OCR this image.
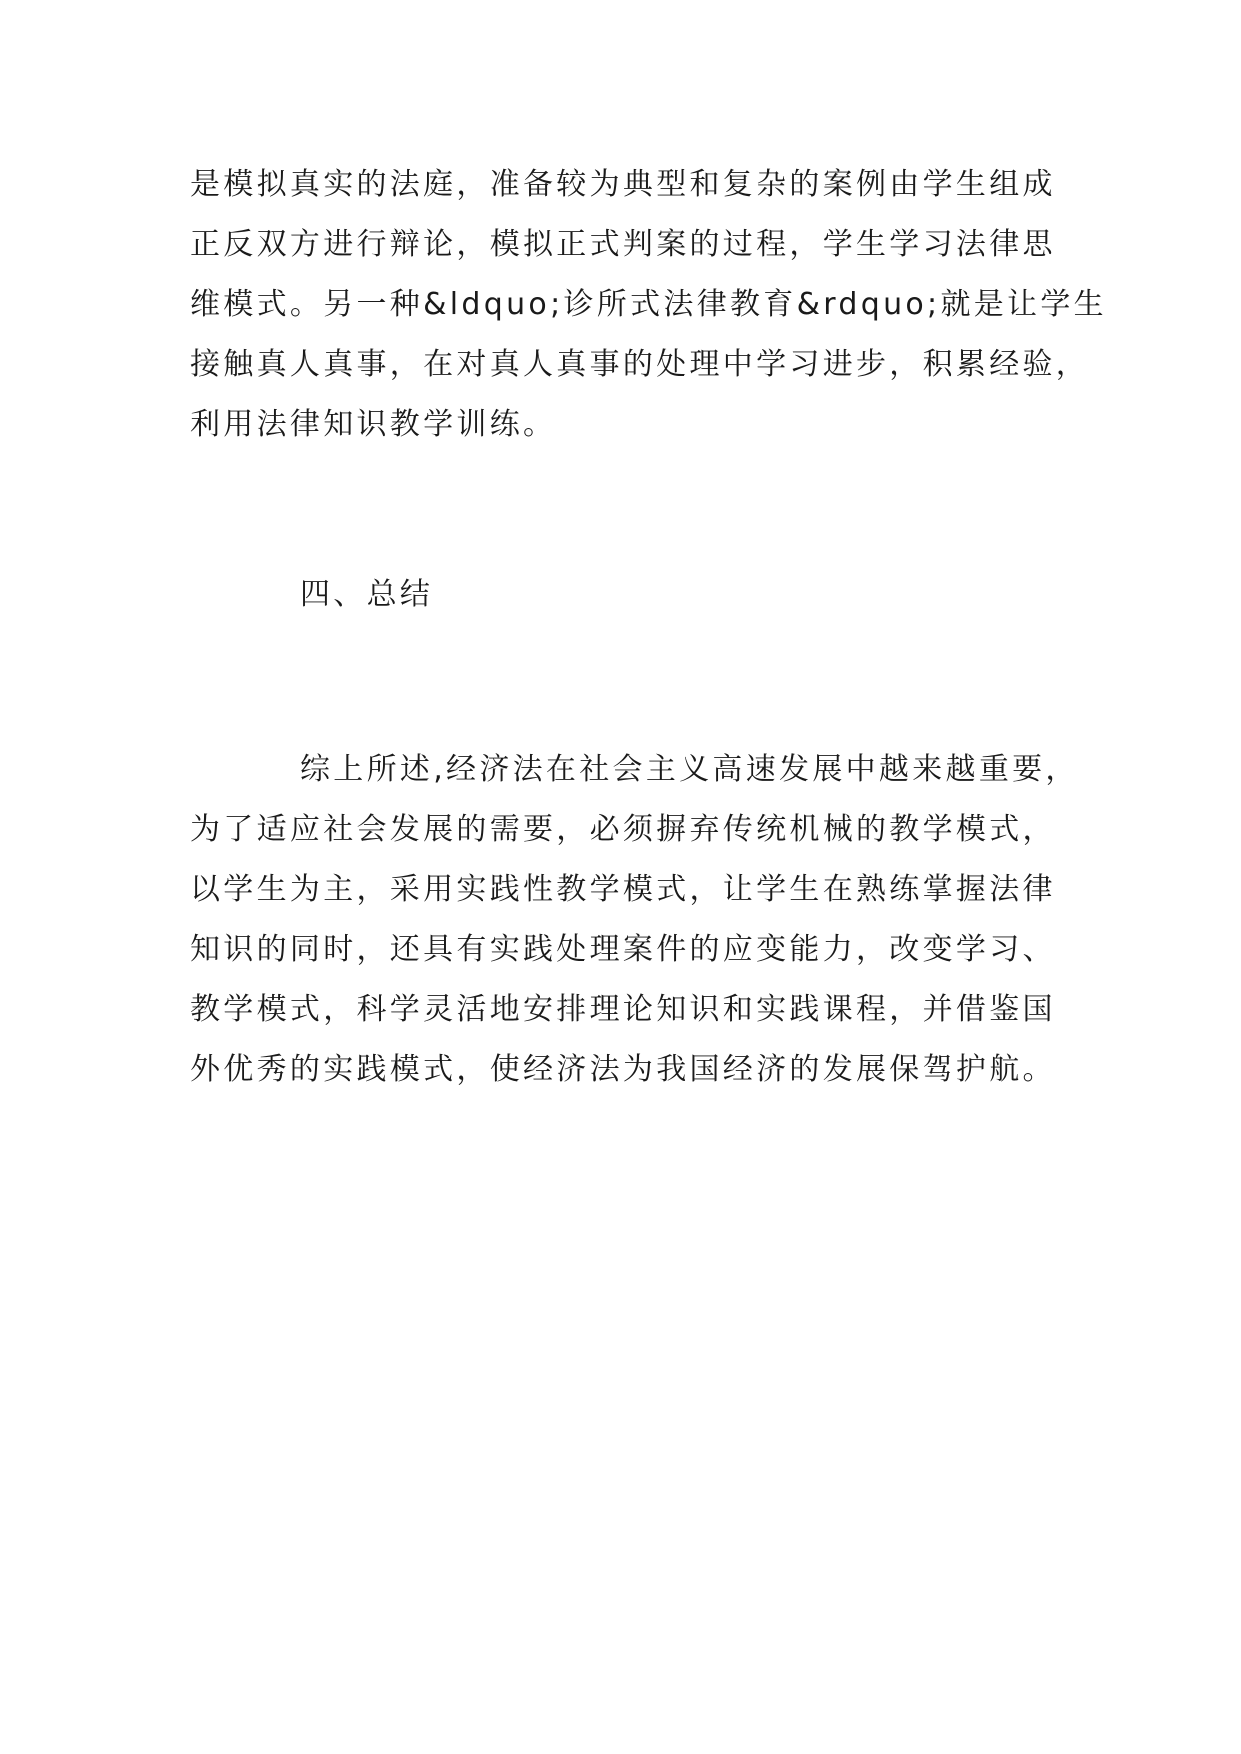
是模拟真实的法庭，准备较为典型和复杂的案例由学生组成
正反双方进行辩论，模拟正式判案的过程，学生学习法律思
维模式。另一种&ldquo;诊所式法律教育&rdquo;就是让学生
接触真人真事，在对真人真事的处理中学习进步，积累经验，
利用法律知识教学训练。
四、总结
综上所述,经济法在社会主义高速发展中越来越重要，
为了适应社会发展的需要，必须摒弃传统机械的教学模式，
以学生为主，采用实践性教学模式，让学生在熟练掌握法律
知识的同时，还具有实践处理案件的应变能力，改变学习、
教学模式，科学灵活地安排理论知识和实践课程，并借鉴国
外优秀的实践模式，使经济法为我国经济的发展保驾护航。
